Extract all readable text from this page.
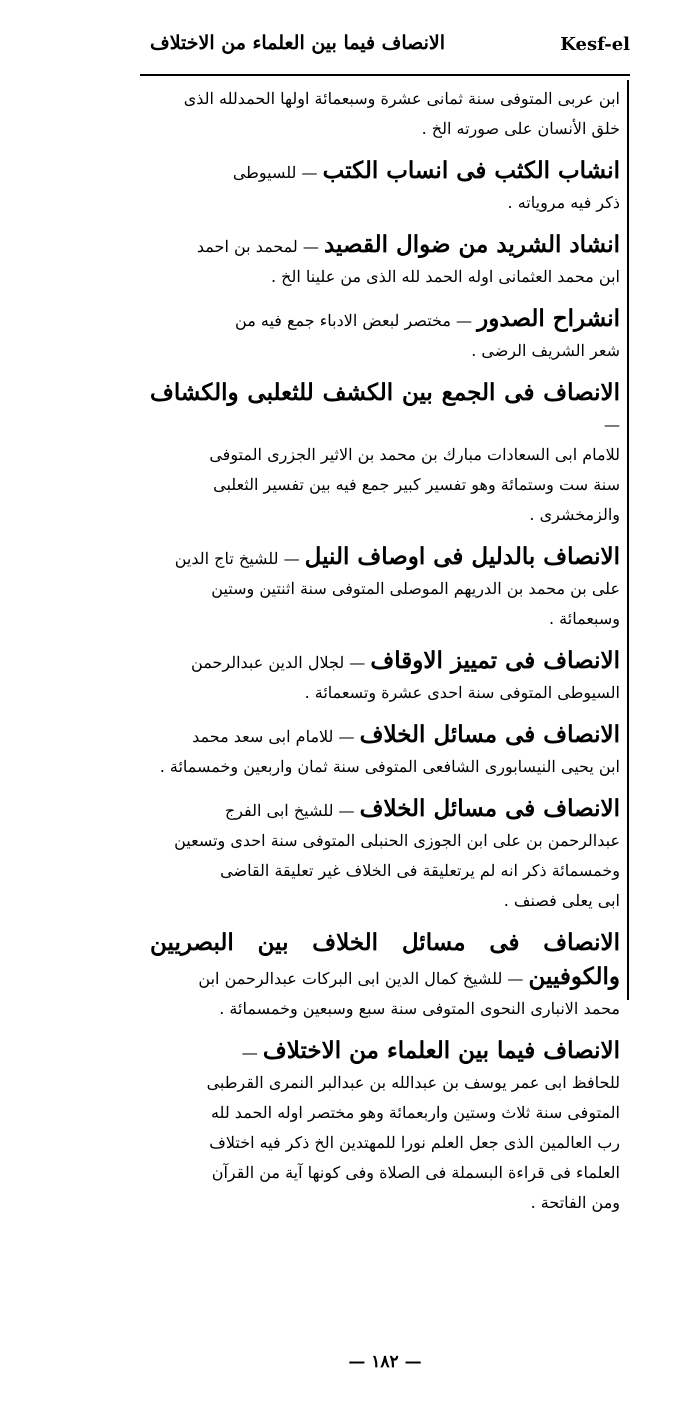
الانصاف فيما بين العلماء من الاختلاف	Kesf-el
ابن عربى المتوفى سنة ثمانى عشرة وسبعمائة اولها الحمدلله الذى
خلق الأنسان على صورته الخ .
انشاب الكثب فى انساب الكتب — للسيوطى
ذكر فيه مروياته .
انشاد الشريد من ضوال القصيد — لمحمد بن احمد
ابن محمد العثمانى اوله الحمد لله الذى من علينا الخ .
انشراح الصدور — مختصر لبعض الادباء جمع فيه من
شعر الشريف الرضى .
الانصاف فى الجمع بين الكشف للثعلبى والكشاف —
للامام ابى السعادات مبارك بن محمد بن الاثير الجزرى المتوفى
سنة ست وستمائة وهو تفسير كبير جمع فيه بين تفسير الثعلبى
والزمخشرى .
الانصاف بالدليل فى اوصاف النيل — للشيخ تاج الدين
على بن محمد بن الدريهم الموصلى المتوفى سنة اثنتين وستين
وسبعمائة .
الانصاف فى تمييز الاوقاف — لجلال الدين عبدالرحمن
السيوطى المتوفى سنة احدى عشرة وتسعمائة .
الانصاف فى مسائل الخلاف — للامام ابى سعد محمد
ابن يحيى النيسابورى الشافعى المتوفى سنة ثمان واربعين وخمسمائة .
الانصاف فى مسائل الخلاف — للشيخ ابى الفرج
عبدالرحمن بن على ابن الجوزى الحنبلى المتوفى سنة احدى وتسعين
وخمسمائة ذكر انه لم يرتعليقة فى الخلاف غير تعليقة القاضى
ابى يعلى فصنف .
الانصاف فى مسائل الخلاف بين البصريين والكوفيين — للشيخ كمال الدين ابى البركات عبدالرحمن ابن
محمد الانبارى النحوى المتوفى سنة سبع وسبعين وخمسمائة .
الانصاف فيما بين العلماء من الاختلاف —
للحافظ ابى عمر يوسف بن عبدالله بن عبدالبر النمرى القرطبى
المتوفى سنة ثلاث وستين واربعمائة وهو مختصر اوله الحمد لله
رب العالمين الذى جعل العلم نورا للمهتدين الخ ذكر فيه اختلاف
العلماء فى قراءة البسملة فى الصلاة وفى كونها آية من القرآن
ومن الفاتحة .
— ١٨٢ —
